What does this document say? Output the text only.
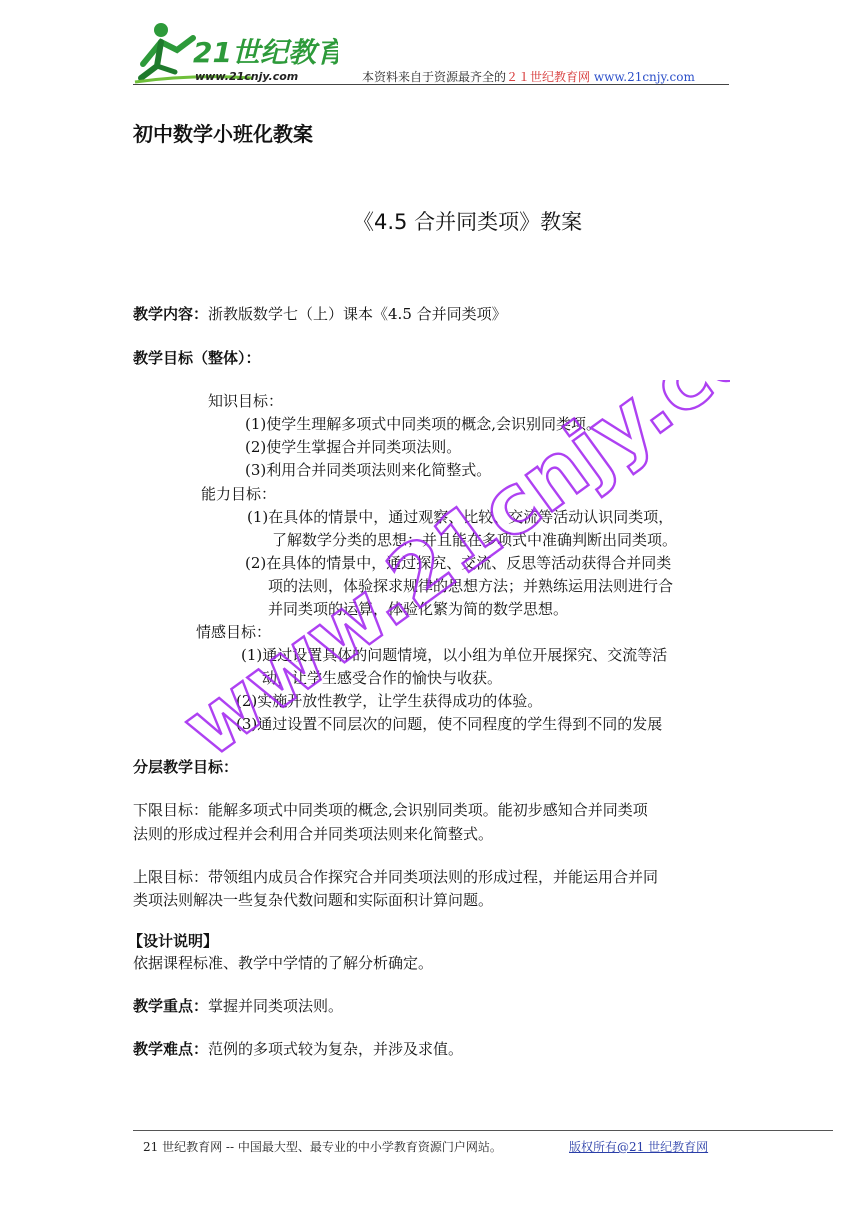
21世纪教育
www.21cnjy.com	本资料来自于资源最齐全的２１世纪教育网 www.21cnjy.com
初中数学小班化教案
《4.5 合并同类项》教案
教学内容：浙教版数学七（上）课本《4.5 合并同类项》
教学目标（整体）：
知识目标：
(1)使学生理解多项式中同类项的概念,会识别同类项。
(2)使学生掌握合并同类项法则。
(3)利用合并同类项法则来化简整式。
能力目标：
(1)在具体的情景中，通过观察、比较、交流等活动认识同类项，
了解数学分类的思想；并且能在多项式中准确判断出同类项。
(2)在具体的情景中，通过探究、交流、反思等活动获得合并同类
项的法则，体验探求规律的思想方法；并熟练运用法则进行合
并同类项的运算，体验化繁为简的数学思想。
情感目标：
(1)通过设置具体的问题情境，以小组为单位开展探究、交流等活
动，让学生感受合作的愉快与收获。
(2)实施开放性教学，让学生获得成功的体验。
(3)通过设置不同层次的问题，使不同程度的学生得到不同的发展
分层教学目标：
下限目标：能解多项式中同类项的概念,会识别同类项。能初步感知合并同类项
法则的形成过程并会利用合并同类项法则来化简整式。
上限目标：带领组内成员合作探究合并同类项法则的形成过程，并能运用合并同
类项法则解决一些复杂代数问题和实际面积计算问题。
【设计说明】
依据课程标准、教学中学情的了解分析确定。
教学重点：掌握并同类项法则。
教学难点：范例的多项式较为复杂，并涉及求值。
www.21cnjy.com
21 世纪教育网 -- 中国最大型、最专业的中小学教育资源门户网站。	版权所有@21 世纪教育网
